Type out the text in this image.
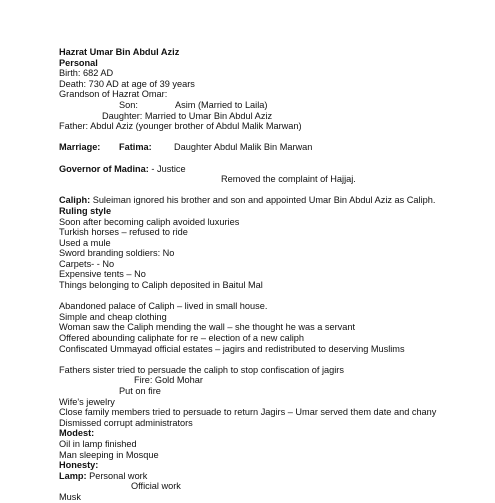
Hazrat Umar Bin Abdul Aziz
Personal
Birth: 682 AD
Death: 730 AD at age of 39 years
Grandson of Hazrat Omar:
Son:	Asim (Married to Laila)
Daughter: Married to Umar Bin Abdul Aziz
Father: Abdul Aziz (younger brother of Abdul Malik Marwan)
Marriage: Fatima: Daughter Abdul Malik Bin Marwan
Governor of Madina: - Justice
Removed the complaint of Hajjaj.
Caliph: Suleiman ignored his brother and son and appointed Umar Bin Abdul Aziz as Caliph.
Ruling style
Soon after becoming caliph avoided luxuries
Turkish horses – refused to ride
Used a mule
Sword branding soldiers: No
Carpets- - No
Expensive tents – No
Things belonging to Caliph deposited in Baitul Mal
Abandoned palace of Caliph – lived in small house.
Simple and cheap clothing
Woman saw the Caliph mending the wall – she thought he was a servant
Offered abounding caliphate for re – election of a new caliph
Confiscated Ummayad official estates – jagirs and redistributed to deserving Muslims
Fathers sister tried to persuade the caliph to stop confiscation of jagirs
Fire: Gold Mohar
Put on fire
Wife's jewelry
Close family members tried to persuade to return Jagirs – Umar served them date and chany
Dismissed corrupt administrators
Modest:
Oil in lamp finished
Man sleeping in Mosque
Honesty:
Lamp: Personal work
Official work
Musk
